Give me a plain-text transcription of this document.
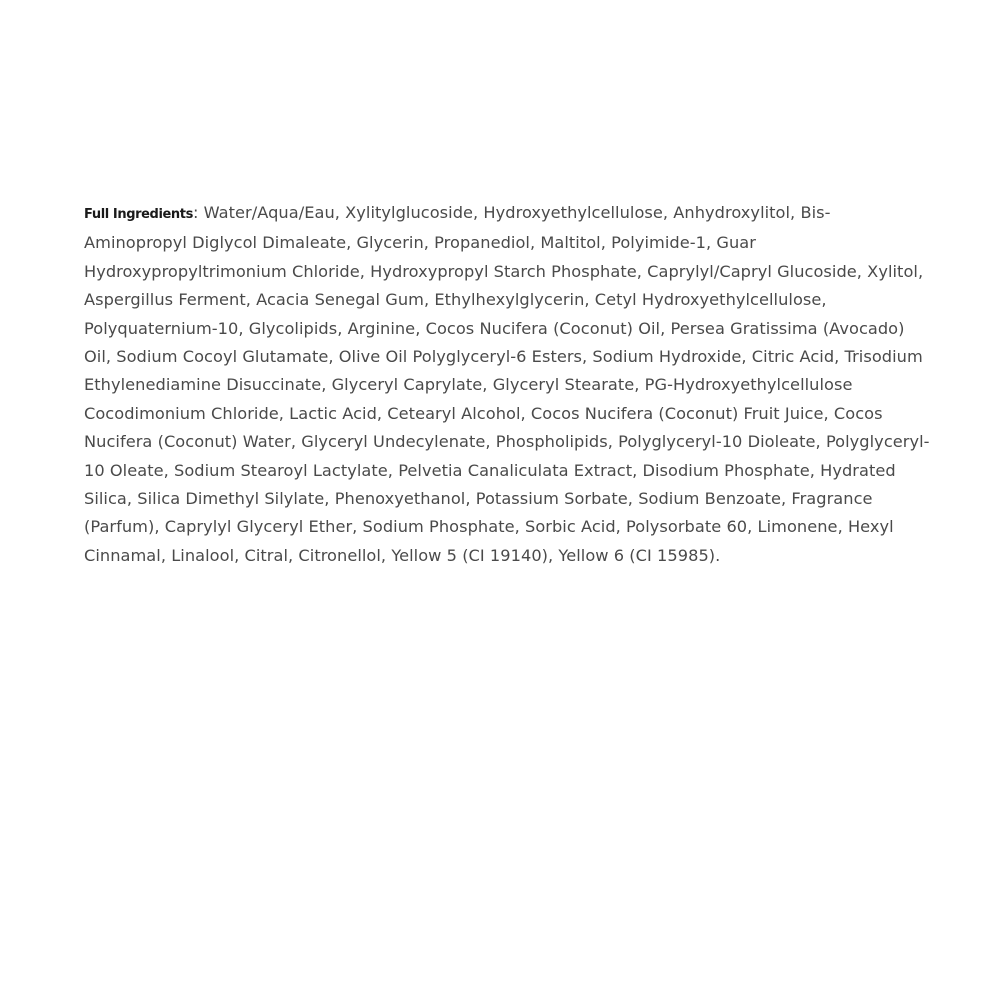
Full Ingredients: Water/Aqua/Eau, Xylitylglucoside, Hydroxyethylcellulose, Anhydroxylitol, Bis-Aminopropyl Diglycol Dimaleate, Glycerin, Propanediol, Maltitol, Polyimide-1, Guar Hydroxypropyltrimonium Chloride, Hydroxypropyl Starch Phosphate, Caprylyl/Capryl Glucoside, Xylitol, Aspergillus Ferment, Acacia Senegal Gum, Ethylhexylglycerin, Cetyl Hydroxyethylcellulose, Polyquaternium-10, Glycolipids, Arginine, Cocos Nucifera (Coconut) Oil, Persea Gratissima (Avocado) Oil, Sodium Cocoyl Glutamate, Olive Oil Polyglyceryl-6 Esters, Sodium Hydroxide, Citric Acid, Trisodium Ethylenediamine Disuccinate, Glyceryl Caprylate, Glyceryl Stearate, PG-Hydroxyethylcellulose Cocodimonium Chloride, Lactic Acid, Cetearyl Alcohol, Cocos Nucifera (Coconut) Fruit Juice, Cocos Nucifera (Coconut) Water, Glyceryl Undecylenate, Phospholipids, Polyglyceryl-10 Dioleate, Polyglyceryl-10 Oleate, Sodium Stearoyl Lactylate, Pelvetia Canaliculata Extract, Disodium Phosphate, Hydrated Silica, Silica Dimethyl Silylate, Phenoxyethanol, Potassium Sorbate, Sodium Benzoate, Fragrance (Parfum), Caprylyl Glyceryl Ether, Sodium Phosphate, Sorbic Acid, Polysorbate 60, Limonene, Hexyl Cinnamal, Linalool, Citral, Citronellol, Yellow 5 (CI 19140), Yellow 6 (CI 15985).
